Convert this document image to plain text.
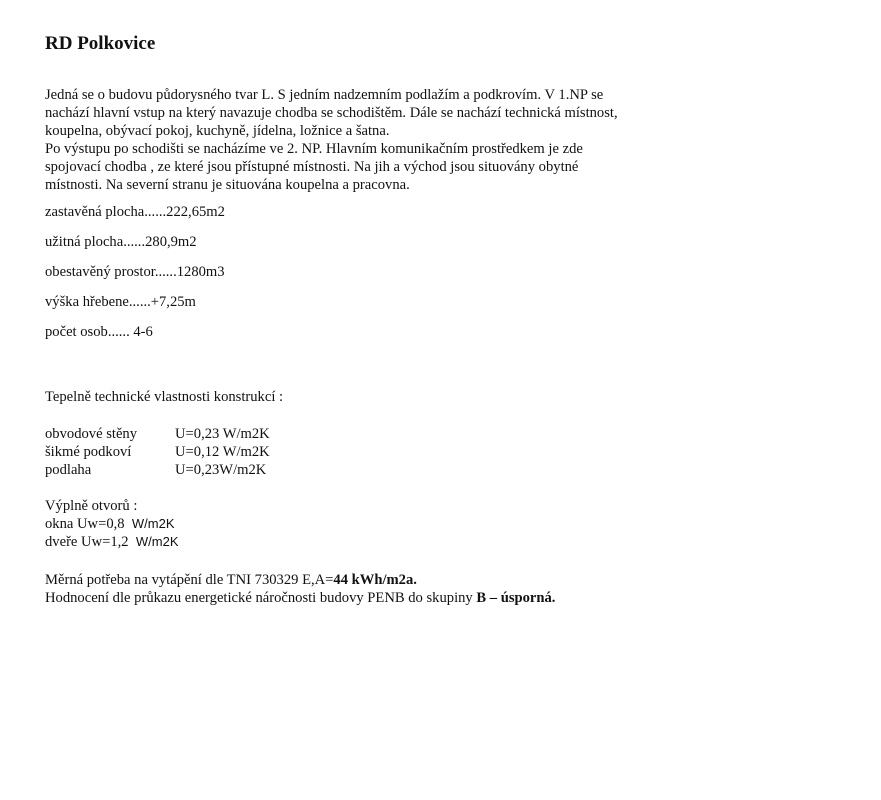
RD Polkovice

Jedná se o budovu půdorysného tvar L. S jedním nadzemním podlažím a podkrovím. V 1.NP se
nachází hlavní vstup na který navazuje chodba se schodištěm. Dále se nachází technická místnost,
koupelna, obývací pokoj, kuchyně, jídelna, ložnice a šatna.
Po výstupu po schodišti se nacházíme ve 2. NP. Hlavním komunikačním prostředkem je zde
spojovací chodba , ze které jsou přístupné místnosti. Na jih a východ jsou situovány obytné
místnosti. Na severní stranu je situována koupelna a pracovna.

zastavěná plocha......222,65m2
užitná plocha......280,9m2
obestavěný prostor......1280m3
výška hřebene......+7,25m
počet osob...... 4-6
Tepelně technické vlastnosti konstrukcí :
obvodové stěny	U=0,23 W/m2K
šikmé podkoví	U=0,12 W/m2K
podlaha	U=0,23W/m2K
Výplně otvorů :
okna Uw=0,8 W/m2K
dveře Uw=1,2 W/m2K
Měrná potřeba na vytápění dle TNI 730329 E,A=44 kWh/m2a.
Hodnocení dle průkazu energetické náročnosti budovy PENB do skupiny B – úsporná.
